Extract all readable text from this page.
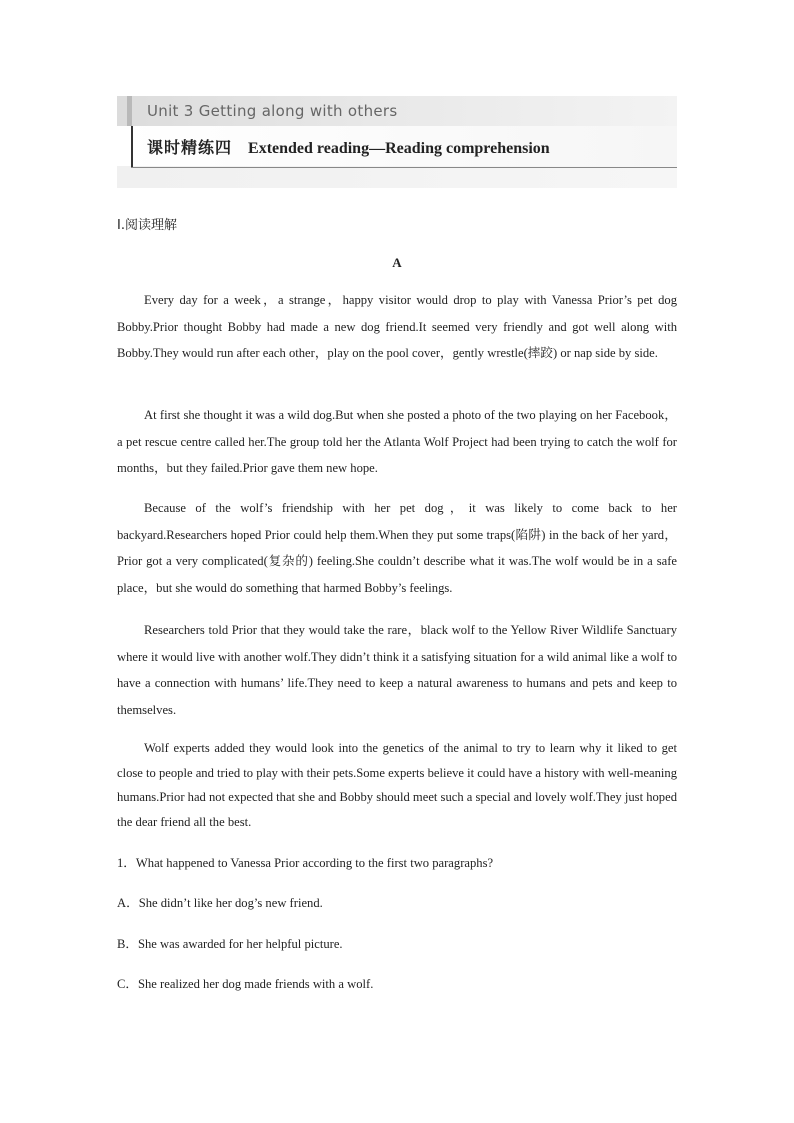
Unit 3 Getting along with others
课时精练四 Extended reading—Reading comprehension
Ⅰ.阅读理解
A

Every day for a week，a strange，happy visitor would drop to play with Vanessa Prior’s pet dog Bobby.Prior thought Bobby had made a new dog friend.It seemed very friendly and got well along with Bobby.They would run after each other，play on the pool cover，gently wrestle(摔跤) or nap side by side.

At first she thought it was a wild dog.But when she posted a photo of the two playing on her Facebook，a pet rescue centre called her.The group told her the Atlanta Wolf Project had been trying to catch the wolf for months，but they failed.Prior gave them new hope.

Because of the wolf’s friendship with her pet dog，it was likely to come back to her backyard.Researchers hoped Prior could help them.When they put some traps(陷阱) in the back of her yard，Prior got a very complicated(复杂的) feeling.She couldn’t describe what it was.The wolf would be in a safe place，but she would do something that harmed Bobby’s feelings.

Researchers told Prior that they would take the rare，black wolf to the Yellow River Wildlife Sanctuary where it would live with another wolf.They didn’t think it a satisfying situation for a wild animal like a wolf to have a connection with humans’ life.They need to keep a natural awareness to humans and pets and keep to themselves.

Wolf experts added they would look into the genetics of the animal to try to learn why it liked to get close to people and tried to play with their pets.Some experts believe it could have a history with well-meaning humans.Prior had not expected that she and Bobby should meet such a special and lovely wolf.They just hoped the dear friend all the best.

1．What happened to Vanessa Prior according to the first two paragraphs?

A．She didn’t like her dog’s new friend.

B．She was awarded for her helpful picture.

C．She realized her dog made friends with a wolf.
